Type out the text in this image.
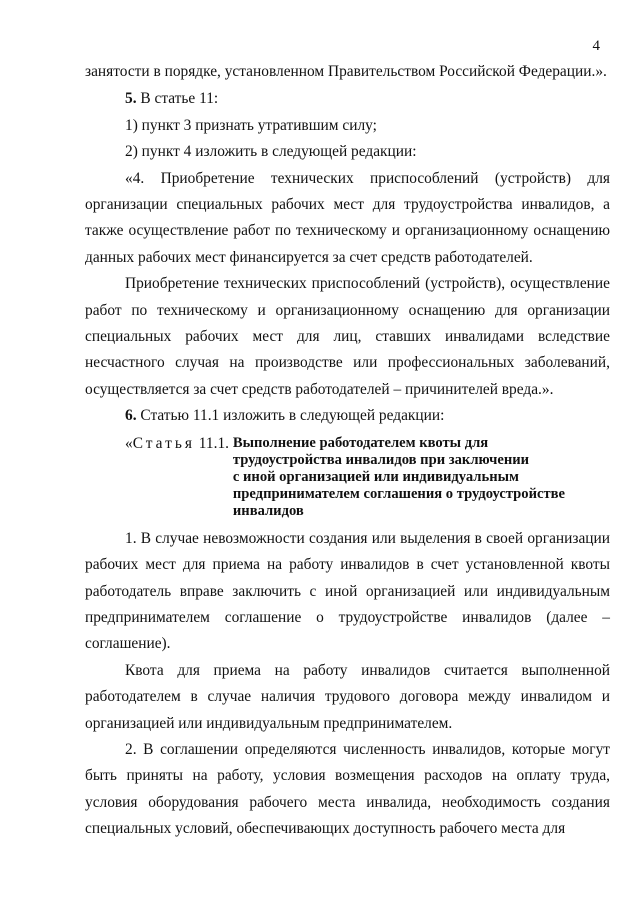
4

занятости в порядке, установленном Правительством Российской Федерации.».

5. В статье 11:

1) пункт 3 признать утратившим силу;

2) пункт 4 изложить в следующей редакции:

«4. Приобретение технических приспособлений (устройств) для организации специальных рабочих мест для трудоустройства инвалидов, а также осуществление работ по техническому и организационному оснащению данных рабочих мест финансируется за счет средств работодателей.

Приобретение технических приспособлений (устройств), осуществление работ по техническому и организационному оснащению для организации специальных рабочих мест для лиц, ставших инвалидами вследствие несчастного случая на производстве или профессиональных заболеваний, осуществляется за счет средств работодателей – причинителей вреда.».

6. Статью 11.1 изложить в следующей редакции:

«Статья 11.1. Выполнение работодателем квоты для
трудоустройства инвалидов при заключении
с иной организацией или индивидуальным
предпринимателем соглашения о трудоустройстве
инвалидов

1. В случае невозможности создания или выделения в своей организации рабочих мест для приема на работу инвалидов в счет установленной квоты работодатель вправе заключить с иной организацией или индивидуальным предпринимателем соглашение о трудоустройстве инвалидов (далее – соглашение).

Квота для приема на работу инвалидов считается выполненной работодателем в случае наличия трудового договора между инвалидом и организацией или индивидуальным предпринимателем.

2. В соглашении определяются численность инвалидов, которые могут быть приняты на работу, условия возмещения расходов на оплату труда, условия оборудования рабочего места инвалида, необходимость создания специальных условий, обеспечивающих доступность рабочего места для
